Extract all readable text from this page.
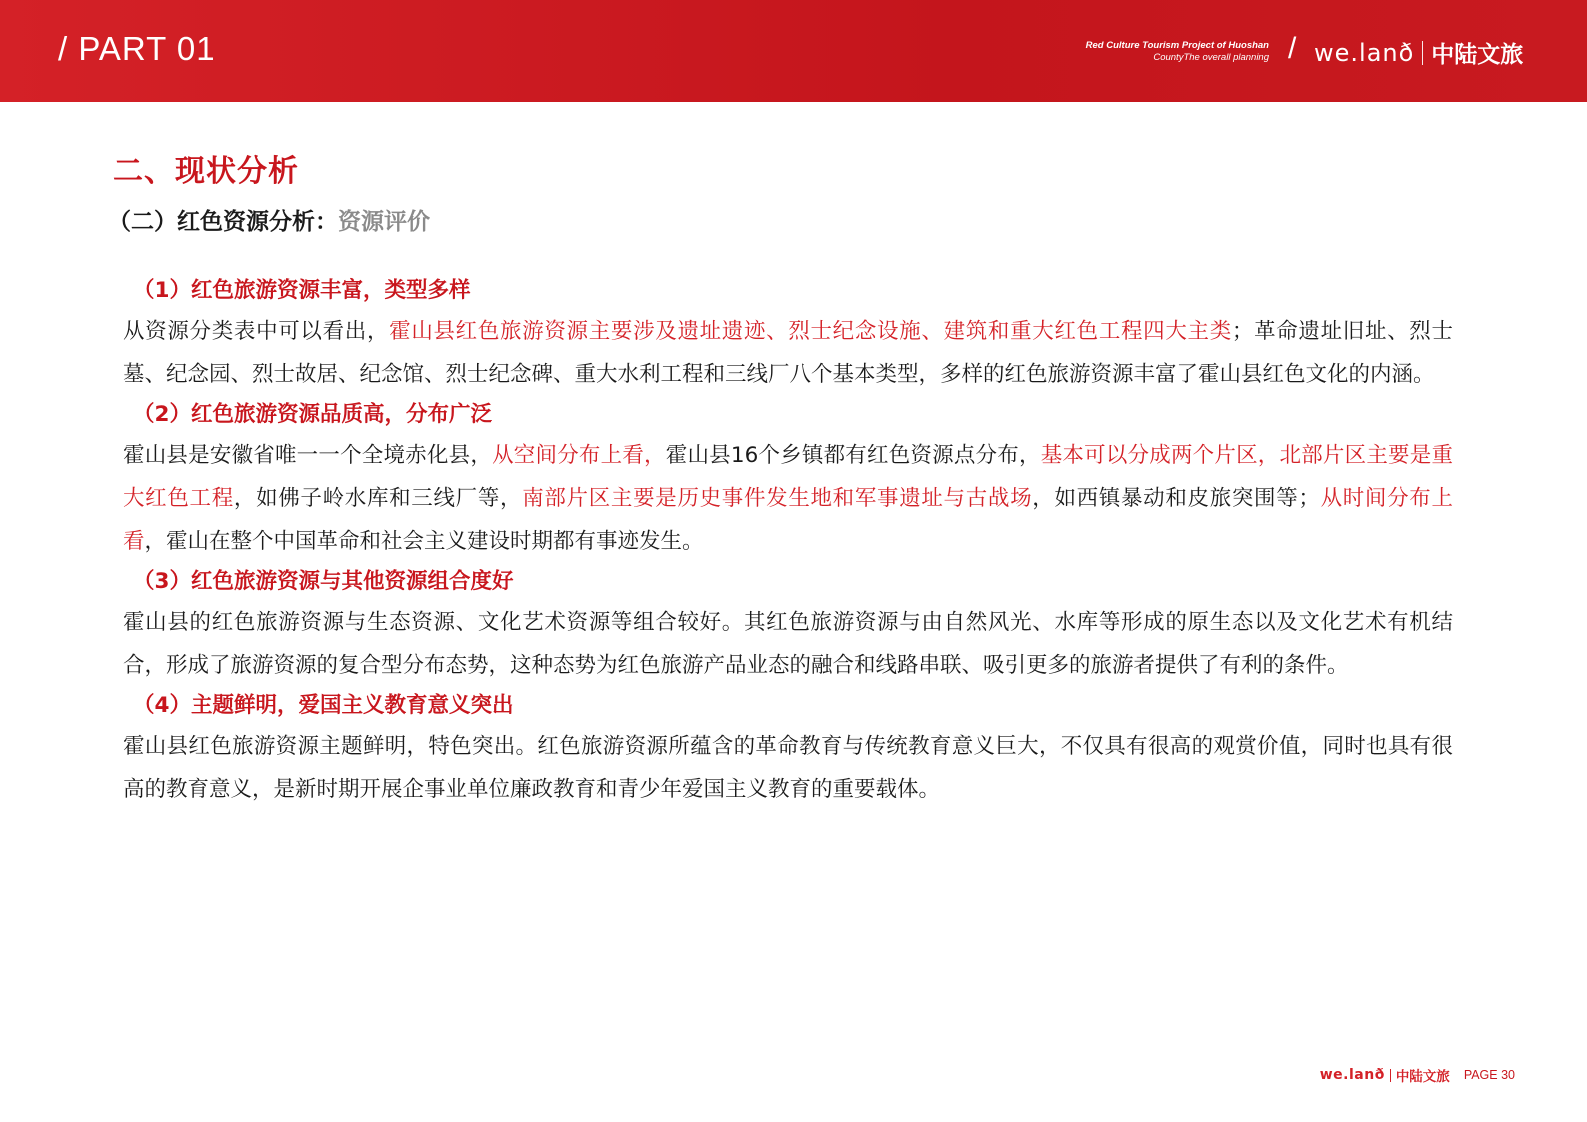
/ PART 01	Red Culture Tourism Project of Huoshan
CountyThe overall planning / we.lanð 中陆文旅
二、现状分析
（二）红色资源分析：资源评价
（1）红色旅游资源丰富，类型多样
从资源分类表中可以看出，霍山县红色旅游资源主要涉及遗址遗迹、烈士纪念设施、建筑和重大红色工程四大主类；革命遗址旧址、烈士墓、纪念园、烈士故居、纪念馆、烈士纪念碑、重大水利工程和三线厂八个基本类型，多样的红色旅游资源丰富了霍山县红色文化的内涵。
（2）红色旅游资源品质高，分布广泛
霍山县是安徽省唯一一个全境赤化县，从空间分布上看，霍山县16个乡镇都有红色资源点分布，基本可以分成两个片区，北部片区主要是重大红色工程，如佛子岭水库和三线厂等，南部片区主要是历史事件发生地和军事遗址与古战场，如西镇暴动和皮旅突围等；从时间分布上看，霍山在整个中国革命和社会主义建设时期都有事迹发生。
（3）红色旅游资源与其他资源组合度好
霍山县的红色旅游资源与生态资源、文化艺术资源等组合较好。其红色旅游资源与由自然风光、水库等形成的原生态以及文化艺术有机结合，形成了旅游资源的复合型分布态势，这种态势为红色旅游产品业态的融合和线路串联、吸引更多的旅游者提供了有利的条件。
（4）主题鲜明，爱国主义教育意义突出
霍山县红色旅游资源主题鲜明，特色突出。红色旅游资源所蕴含的革命教育与传统教育意义巨大，不仅具有很高的观赏价值，同时也具有很高的教育意义，是新时期开展企事业单位廉政教育和青少年爱国主义教育的重要载体。
we.lanð 中陆文旅 PAGE 30
